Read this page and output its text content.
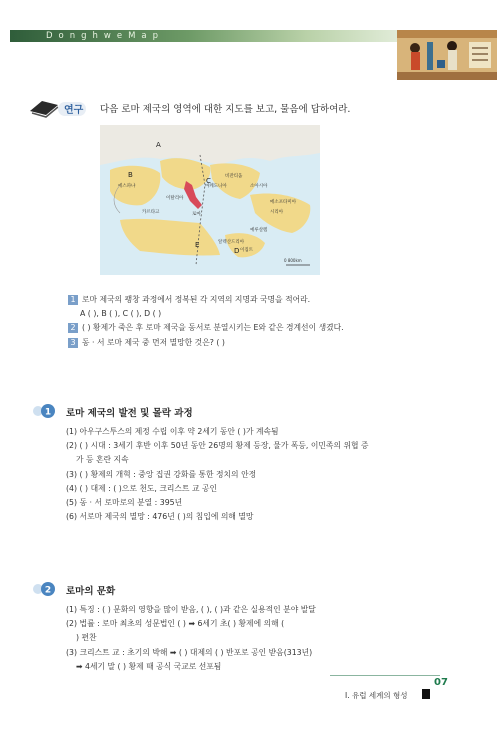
DonghweMap
연구 다음 로마 제국의 영역에 대한 지도를 보고, 물음에 답하여라.
에스파냐
카르타고
이탈리아
로마
마케도니아	소아시아
예루살렘
비잔티움
메소포타미아
시리아
알렉산드리아
이집트
A
B
C
D
E
0 800km
1 로마 제국의 팽창 과정에서 정복된 각 지역의 지명과 국명을 적어라.
A ( ), B ( ), C ( ), D ( )
2 ( ) 황제가 죽은 후 로마 제국을 동서로 분열시키는 E와 같은 경계선이 생겼다.
3 동 · 서 로마 제국 중 먼저 멸망한 것은? ( )
1 로마 제국의 발전 및 몰락 과정
(1) 아우구스투스의 제정 수립 이후 약 2세기 동안 ( )가 계속됨
(2) ( ) 시대 : 3세기 후반 이후 50년 동안 26명의 황제 등장, 물가 폭등, 이민족의 위협 증
가 등 혼란 지속
(3) ( ) 황제의 개혁 : 중앙 집권 강화를 통한 정치의 안정
(4) ( ) 대제 : ( )으로 천도, 크리스트 교 공인
(5) 동 · 서 로마로의 분열 : 395년
(6) 서로마 제국의 멸망 : 476년 ( )의 침입에 의해 멸망
2 로마의 문화
(1) 특징 : ( ) 문화의 영향을 많이 받음, ( ), ( )과 같은 실용적인 분야 발달
(2) 법률 : 로마 최초의 성문법인 ( ) ➡ 6세기 초( ) 황제에 의해 (
) 편찬
(3) 크리스트 교 : 초기의 박해 ➡ ( ) 대제의 ( ) 반포로 공인 받음(313년)
➡ 4세기 말 ( ) 황제 때 공식 국교로 선포됨
07
I. 유럽 세계의 형성
